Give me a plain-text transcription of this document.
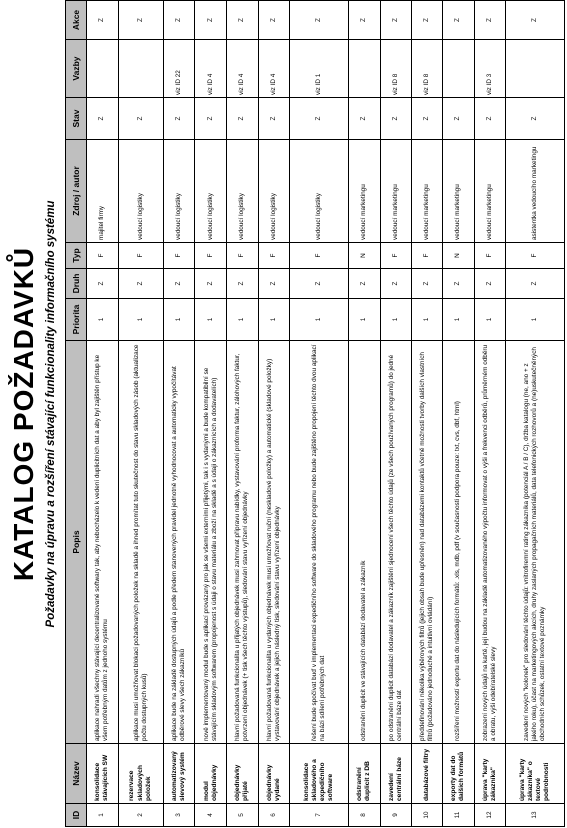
KATALOG POŽADAVKŮ Požadavky na úpravu a rozšíření stávající funkcionality informačního systému
ID	Název	Popis	Priorita	Druh	Typ	Zdroj / autor	Stav	Vazby	Akce
1	konsolidace stávajících SW	aplikace nahradí všechny stávající decentralizované softwary tak, aby nebocházelo k vedení duplicitních dat a aby byl zajištěn přístup ke všem potřebným datům z jednoho systému	1	Z	F	majitel firmy	Z		Z
2	rezervace skladových položek	aplikace musí umožňovat blokaci požadovaných položek na skladě a ihned promítat tuto skutečnost do stavu skladových zásob (aktualizace počtu dostupných kusů)	1	Z	F	vedoucí logistiky	Z		Z
3	automatizovaný slevový systém	aplikace bude na základě dostupných údajů a podle předem stanovených pravidel jednotně vyhodnocovat a automaticky vypočítávat odběrové slevy všech zákazníků	1	Z	F	vedoucí logistiky	Z	viz ID 22	Z
4	modul objednávky	nově implementovaný modul bude s aplikací provázaný pro jak se všemi externími přijetými, tak i s vydanými a bude kompatibilní se stávajícím skladovým softwarem (propojenost s údaji o stavu materiálu a zboží na skladě a s údaji o zákaznících a dodavatelích)	1	Z	F	vedoucí logistiky	Z	viz ID 4	Z
5	objednávky přijaté	hlavní požadovaná funkcionalita u přijatých objednávek musí zahrnovat přípravu nabídky, vystavování proforma faktur, zálohových faktur, potvrzení objednávek (+ tisk všech těchto výstupů), sledování stavu vyřízení objednávky	1	Z	F	vedoucí logistiky	Z	viz ID 4	Z
6	objednávky vydané	hlavní požadovaná funkcionalita u vydaných objednávek musí umožňovat ruční (neskladové položky) a automatické (skladové položky) vystavování objednávek a jejich následný tisk, sledování stavu vyřízení objednávky	1	Z	F	vedoucí logistiky	Z	viz ID 4	Z
7	konsolidace skladového a expedičního software	řešení bude spočívat buď v implementaci expedičního software do skladového programu nebo bude zajištěno propojení těchto dvou aplikací na bázi sdílení potřebných dat	1	Z	F	vedoucí logistiky	Z	viz ID 1	Z
8	odstranění duplicit z DB	odstranění duplicit ve stávajících databází dodavatel a zákazník	1	Z	N	vedoucí marketingu	Z		Z
9	zavedení centrální báze	po odstranění duplicit databází dodavatel a zákazník zajištění sjednocení všech těchto údajů (ze všech používaných programů) do jedné centrální báze dat	1	Z	F	vedoucí marketingu	Z	viz ID 8	Z
10	databázové filtry	předdefinování několika výběrových filtrů (jejich obsah bude upřesněn) nad databázemi kontaktů včetně možnosti tvorby dalších vlastních filtrů (požadováno jednoduché a intuitivní ovládání)	1	Z	F	vedoucí marketingu	Z	viz ID 8	Z
11	exporty dat do dalších formátů	rozšíření možností exportu dat do následujících formátů: .xls, mdb, pdf (v současnosti podpora pouze: txt, cvs, dbf, html)	1	Z	N	vedoucí marketingu	Z		Z
12	úprava "karty zákazníka"	zobrazení nových údajů na kartě, její budou na základě automatizovaného výpočtu informovat o výši a frekvenci odběrů, průměrném odběru a obratu, výši odebíratelské slevy	1	Z	F	vedoucí marketingu	Z	viz ID 3	Z
13	úprava "karty zákazníka" o textové podrobnosti	zavedení nových "kolonek" pro sledování těchto údajů: vnitrofiremní rating zákazníka (potenciál A / B / C), držba katalogu (ne, ano + z jakého roku), účast na marketingových akcích, druhy zaslaných propagačních materiálů, data telefonických rozhovorů a (ne)uskutečněných obchodních schůzek, ostatní textové poznámky	1	Z	F	asistentka vedoucího marketingu	Z		Z
